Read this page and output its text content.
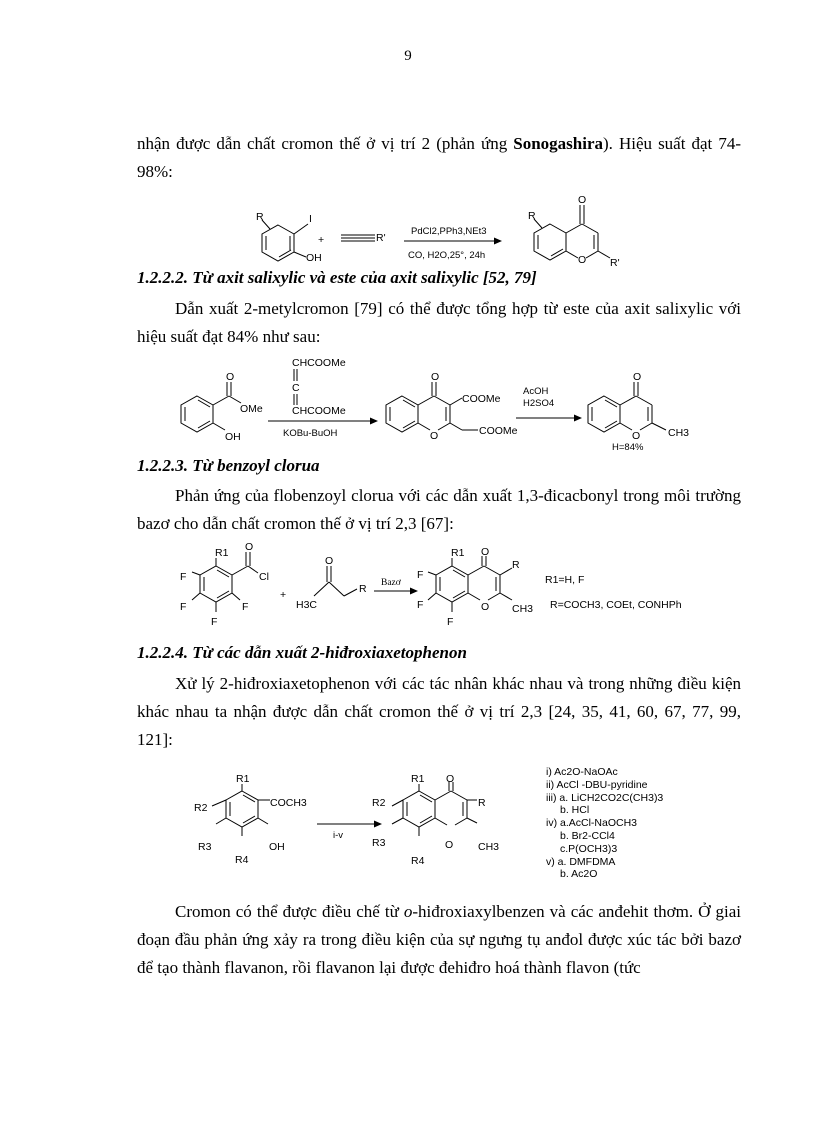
9

nhận được dẫn chất cromon thế ở vị trí 2 (phản ứng Sonogashira). Hiệu suất đạt 74-98%:

R	I
OH
+	R'
PdCl2,PPh3,NEt3
CO, H2O,25°, 24h
R
O
O R'

1.2.2.2. Từ axit salixylic và este của axit salixylic [52, 79]

Dẫn xuất 2-metylcromon [79] có thể được tổng hợp từ este của axit salixylic với hiệu suất đạt 84% như sau:

O
OMe
OH
CHCOOMe
C
CHCOOMe
KOBu-BuOH
O
O
COOMe
COOMe
AcOH
H2SO4
O
O	CH3
H=84%

1.2.2.3. Từ benzoyl clorua

Phản ứng của flobenzoyl clorua với các dẫn xuất 1,3-đicacbonyl trong môi trường bazơ cho dẫn chất cromon thế ở vị trí 2,3 [67]:

R1 O
Cl
F
F	F
F
+
O
H3C
R Bazơ
R1 O
R
O CH3
F
F
F
R1=H, F
R=COCH3, COEt, CONHPh

1.2.2.4. Từ các dẫn xuất 2-hiđroxiaxetophenon

Xử lý 2-hiđroxiaxetophenon với các tác nhân khác nhau và trong những điều kiện khác nhau ta nhận được dẫn chất cromon thế ở vị trí 2,3 [24, 35, 41, 60, 67, 77, 99, 121]:

R1
R2	COCH3
R3	OH
R4
i-v
R1 O
R
R2
R3	O CH3
R4
i) Ac2O-NaOAc
ii) AcCl -DBU-pyridine
iii) a. LiCH2CO2C(CH3)3
b. HCl
iv) a.AcCl-NaOCH3
b. Br2-CCl4
c.P(OCH3)3
v) a. DMFDMA
b. Ac2O

Cromon có thể được điều chế từ o-hiđroxiaxylbenzen và các anđehit thơm. Ở giai đoạn đầu phản ứng xảy ra trong điều kiện của sự ngưng tụ anđol được xúc tác bởi bazơ để tạo thành flavanon, rồi flavanon lại được đehiđro hoá thành flavon (tức
